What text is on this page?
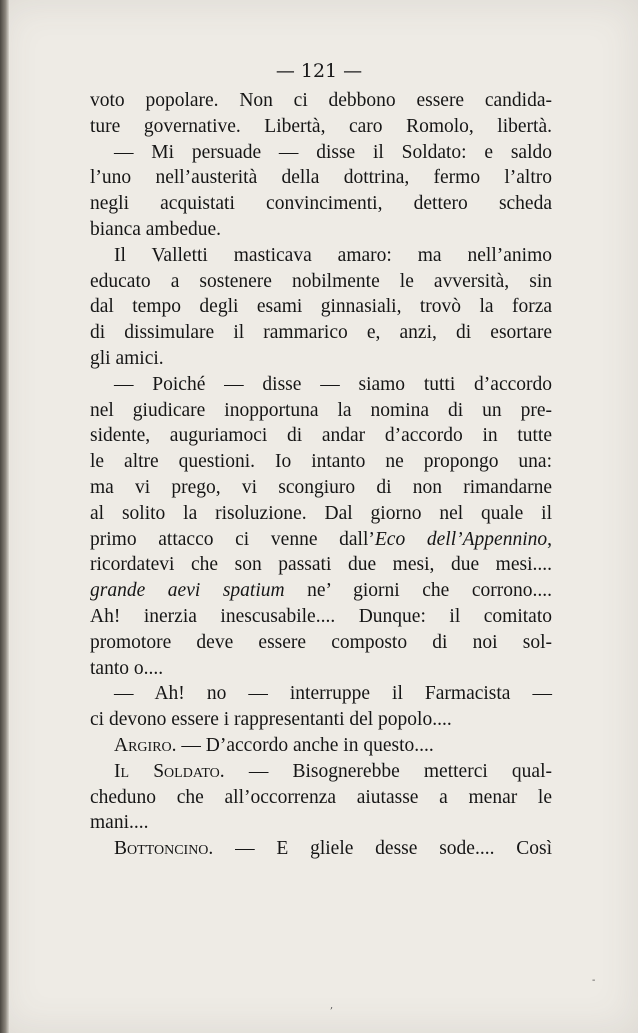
— 121 —
voto popolare. Non ci debbono essere candida-
ture governative. Libertà, caro Romolo, libertà.
— Mi persuade — disse il Soldato: e saldo
l’uno nell’austerità della dottrina, fermo l’altro
negli acquistati convincimenti, dettero scheda
bianca ambedue.
Il Valletti masticava amaro: ma nell’animo
educato a sostenere nobilmente le avversità, sin
dal tempo degli esami ginnasiali, trovò la forza
di dissimulare il rammarico e, anzi, di esortare
gli amici.
— Poiché — disse — siamo tutti d’accordo
nel giudicare inopportuna la nomina di un pre-
sidente, auguriamoci di andar d’accordo in tutte
le altre questioni. Io intanto ne propongo una:
ma vi prego, vi scongiuro di non rimandarne
al solito la risoluzione. Dal giorno nel quale il
primo attacco ci venne dall’Eco dell’Appennino,
ricordatevi che son passati due mesi, due mesi....
grande aevi spatium ne’ giorni che corrono....
Ah! inerzia inescusabile.... Dunque: il comitato
promotore deve essere composto di noi sol-
tanto o....
— Ah! no — interruppe il Farmacista —
ci devono essere i rappresentanti del popolo....
Argiro. — D’accordo anche in questo....
Il Soldato. — Bisognerebbe metterci qual-
cheduno che all’occorrenza aiutasse a menar le
mani....
Bottoncino. — E gliele desse sode.... Così
-
,
